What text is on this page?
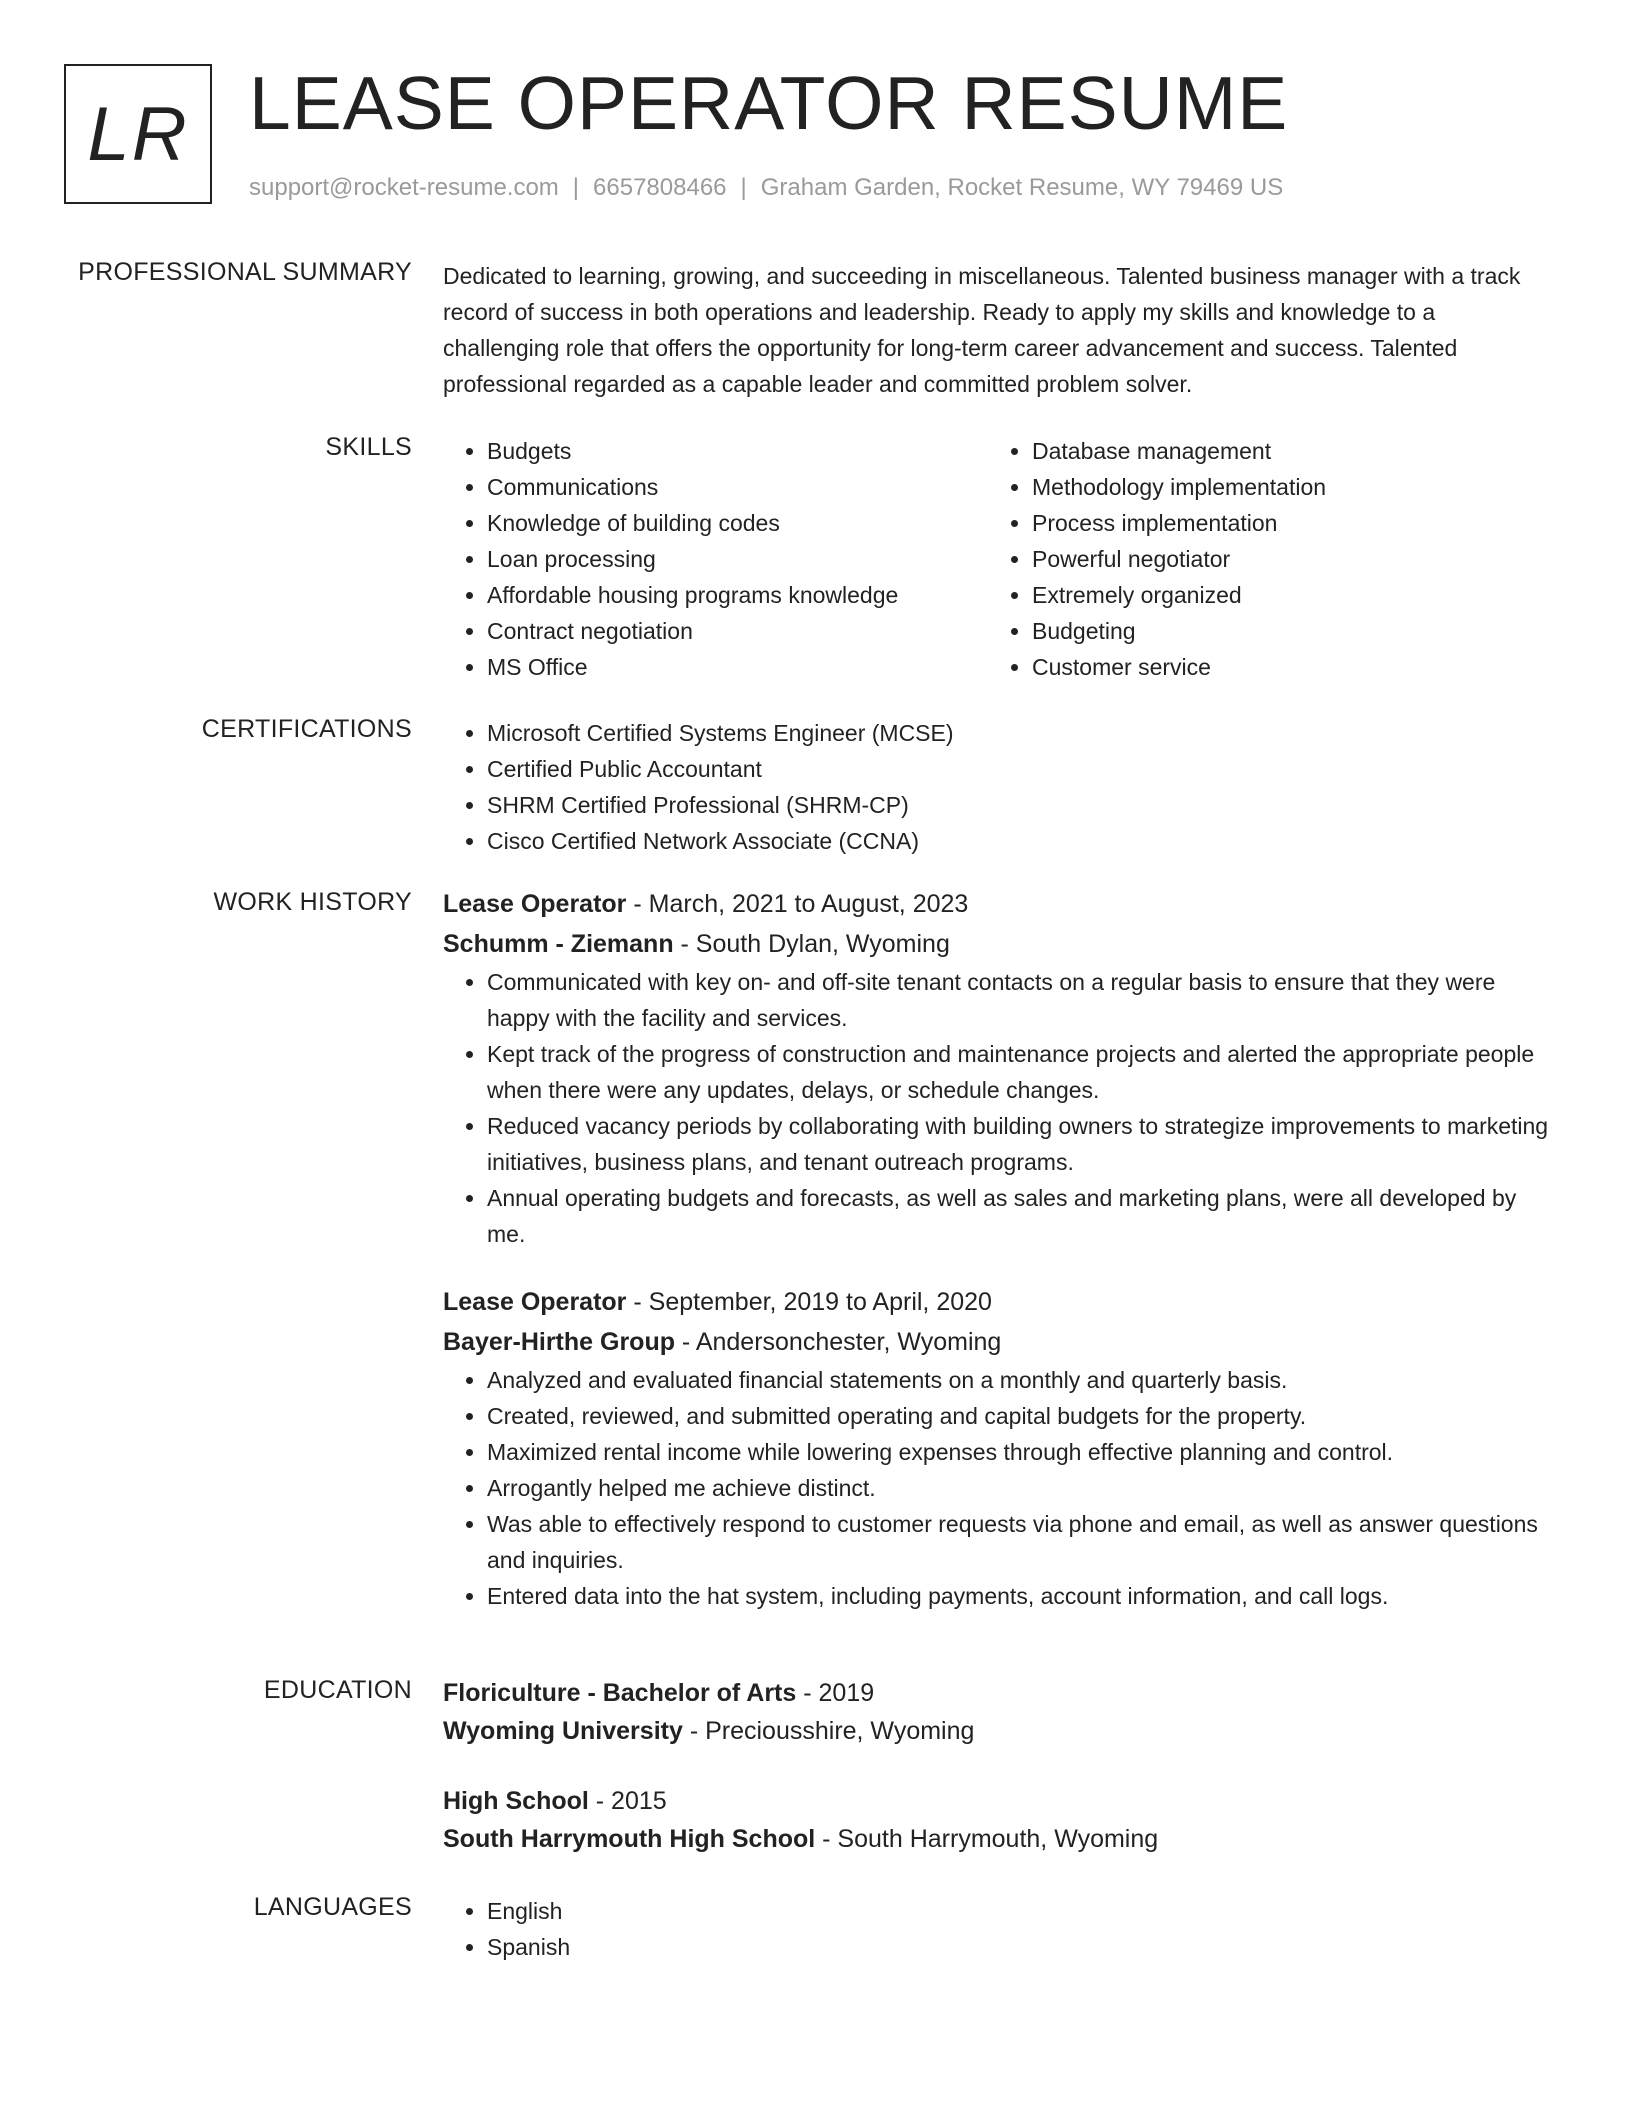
LR LEASE OPERATOR RESUME
support@rocket-resume.com | 6657808466 | Graham Garden, Rocket Resume, WY 79469 US
PROFESSIONAL SUMMARY Dedicated to learning, growing, and succeeding in miscellaneous. Talented business manager with a track record of success in both operations and leadership. Ready to apply my skills and knowledge to a challenging role that offers the opportunity for long-term career advancement and success. Talented professional regarded as a capable leader and committed problem solver.

SKILLS	• Budgets
• Communications
• Knowledge of building codes
• Loan processing
• Affordable housing programs knowledge
• Contract negotiation
• MS Office
• Database management
• Methodology implementation
• Process implementation
• Powerful negotiator
• Extremely organized
• Budgeting
• Customer service
CERTIFICATIONS	• Microsoft Certified Systems Engineer (MCSE)
• Certified Public Accountant
• SHRM Certified Professional (SHRM-CP)
• Cisco Certified Network Associate (CCNA)
WORK HISTORY Lease Operator - March, 2021 to August, 2023
Schumm - Ziemann - South Dylan, Wyoming
• Communicated with key on- and off-site tenant contacts on a regular basis to ensure that they were happy with the facility and services.
• Kept track of the progress of construction and maintenance projects and alerted the appropriate people when there were any updates, delays, or schedule changes.
• Reduced vacancy periods by collaborating with building owners to strategize improvements to marketing initiatives, business plans, and tenant outreach programs.
• Annual operating budgets and forecasts, as well as sales and marketing plans, were all developed by me.
Lease Operator - September, 2019 to April, 2020
Bayer-Hirthe Group - Andersonchester, Wyoming
• Analyzed and evaluated financial statements on a monthly and quarterly basis.
• Created, reviewed, and submitted operating and capital budgets for the property.
• Maximized rental income while lowering expenses through effective planning and control.
• Arrogantly helped me achieve distinct.
• Was able to effectively respond to customer requests via phone and email, as well as answer questions and inquiries.
• Entered data into the hat system, including payments, account information, and call logs.
EDUCATION Floriculture - Bachelor of Arts - 2019
Wyoming University - Preciousshire, Wyoming
High School - 2015
South Harrymouth High School - South Harrymouth, Wyoming
LANGUAGES	• English
• Spanish
